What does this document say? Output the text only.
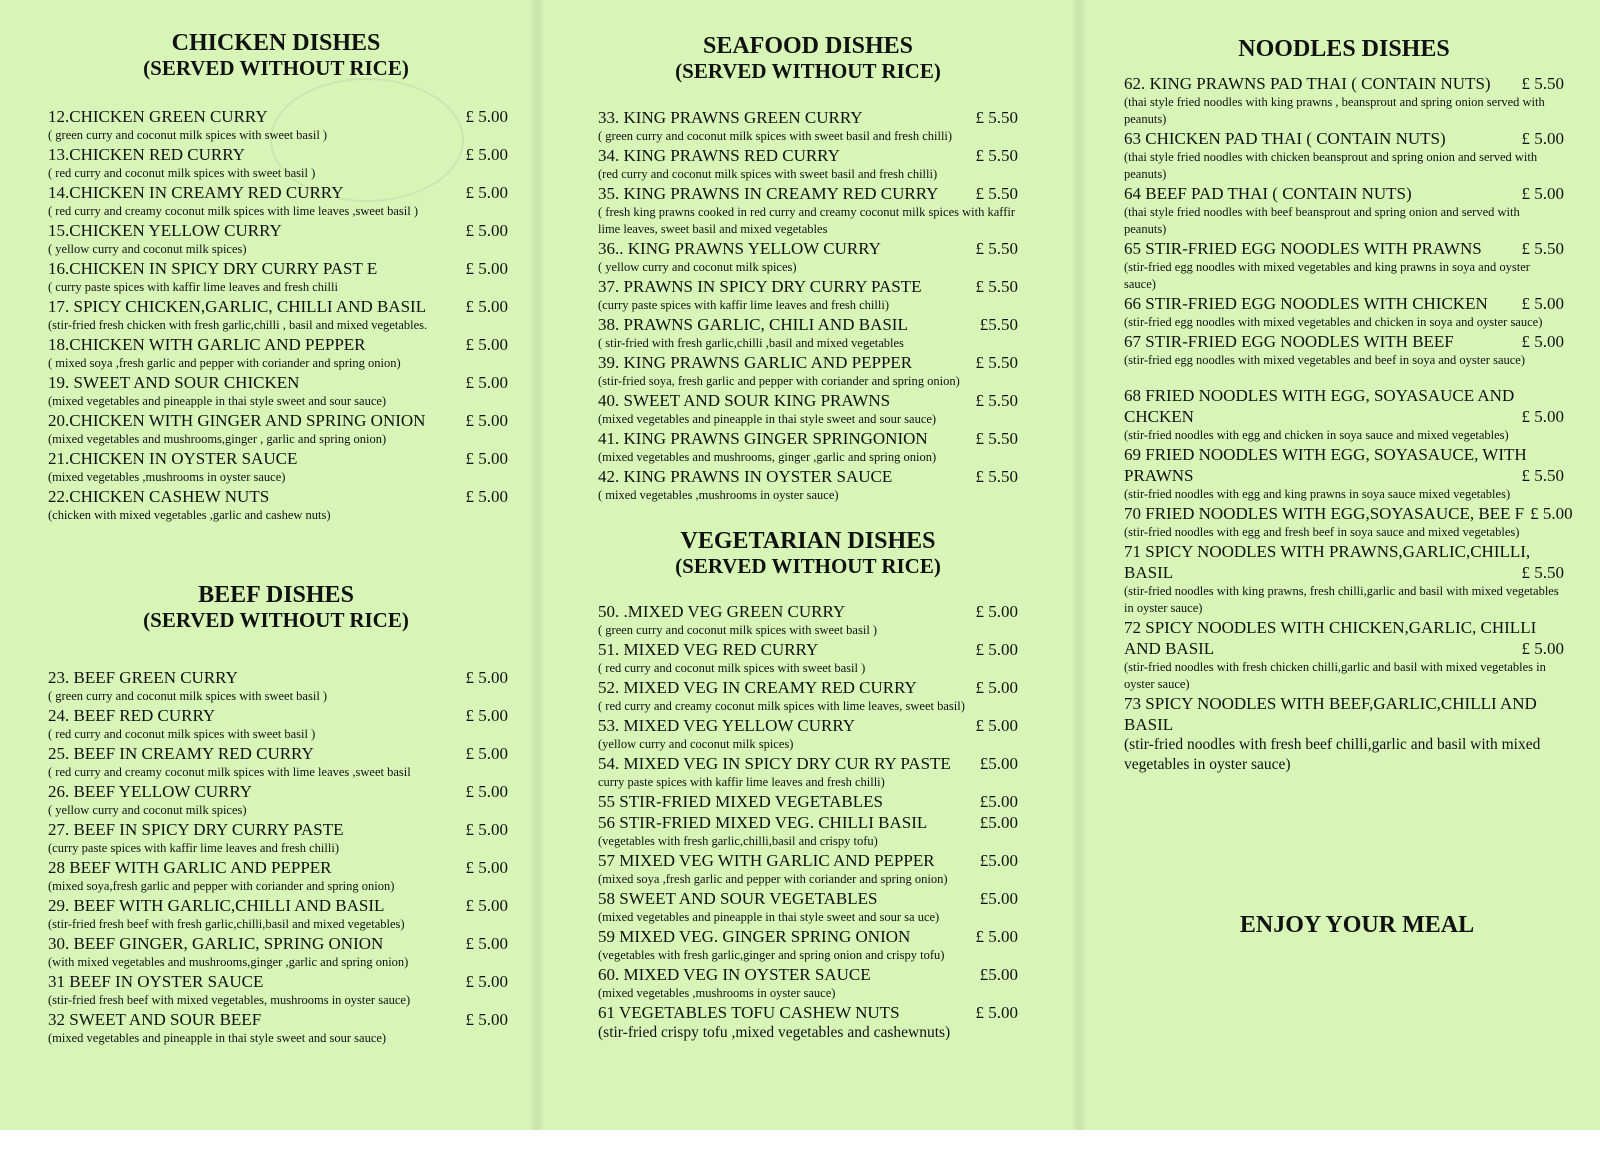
CHICKEN DISHES
(SERVED WITHOUT RICE)
12.CHICKEN GREEN CURRY	£ 5.00
( green curry and coconut milk spices with sweet basil )
13.CHICKEN RED CURRY	£ 5.00
( red curry and coconut milk spices with sweet basil )
14.CHICKEN IN CREAMY RED CURRY	£ 5.00
( red curry and creamy coconut milk spices with lime leaves ,sweet basil )
15.CHICKEN YELLOW CURRY	£ 5.00
( yellow curry and coconut milk spices)
16.CHICKEN IN SPICY DRY CURRY PAST E	£ 5.00
( curry paste spices with kaffir lime leaves and fresh chilli
17. SPICY CHICKEN,GARLIC, CHILLI AND BASIL	£ 5.00
(stir-fried fresh chicken with fresh garlic,chilli , basil and mixed vegetables.
18.CHICKEN WITH GARLIC AND PEPPER	£ 5.00
( mixed soya ,fresh garlic and pepper with coriander and spring onion)
19. SWEET AND SOUR CHICKEN	£ 5.00
(mixed vegetables and pineapple in thai style sweet and sour sauce)
20.CHICKEN WITH GINGER AND SPRING ONION	£ 5.00
(mixed vegetables and mushrooms,ginger , garlic and spring onion)
21.CHICKEN IN OYSTER SAUCE	£ 5.00
(mixed vegetables ,mushrooms in oyster sauce)
22.CHICKEN CASHEW NUTS	£ 5.00
(chicken with mixed vegetables ,garlic and cashew nuts)
BEEF DISHES
(SERVED WITHOUT RICE)
23. BEEF GREEN CURRY	£ 5.00
( green curry and coconut milk spices with sweet basil )
24. BEEF RED CURRY	£ 5.00
( red curry and coconut milk spices with sweet basil )
25. BEEF IN CREAMY RED CURRY	£ 5.00
( red curry and creamy coconut milk spices with lime leaves ,sweet basil
26. BEEF YELLOW CURRY	£ 5.00
( yellow curry and coconut milk spices)
27. BEEF IN SPICY DRY CURRY PASTE	£ 5.00
(curry paste spices with kaffir lime leaves and fresh chilli)
28 BEEF WITH GARLIC AND PEPPER	£ 5.00
(mixed soya,fresh garlic and pepper with coriander and spring onion)
29. BEEF WITH GARLIC,CHILLI AND BASIL	£ 5.00
(stir-fried fresh beef with fresh garlic,chilli,basil and mixed vegetables)
30. BEEF GINGER, GARLIC, SPRING ONION	£ 5.00
(with mixed vegetables and mushrooms,ginger ,garlic and spring onion)
31 BEEF IN OYSTER SAUCE	£ 5.00
(stir-fried fresh beef with mixed vegetables, mushrooms in oyster sauce)
32 SWEET AND SOUR BEEF	£ 5.00
(mixed vegetables and pineapple in thai style sweet and sour sauce)
SEAFOOD DISHES
(SERVED WITHOUT RICE)
33. KING PRAWNS GREEN CURRY	£ 5.50
( green curry and coconut milk spices with sweet basil and fresh chilli)
34. KING PRAWNS RED CURRY	£ 5.50
(red curry and coconut milk spices with sweet basil and fresh chilli)
35. KING PRAWNS IN CREAMY RED CURRY	£ 5.50
( fresh king prawns cooked in red curry and creamy coconut milk spices with kaffir lime leaves, sweet basil and mixed vegetables
36.. KING PRAWNS YELLOW CURRY	£ 5.50
( yellow curry and coconut milk spices)
37. PRAWNS IN SPICY DRY CURRY PASTE	£ 5.50
(curry paste spices with kaffir lime leaves and fresh chilli)
38. PRAWNS GARLIC, CHILI AND BASIL	£5.50
( stir-fried with fresh garlic,chilli ,basil and mixed vegetables
39. KING PRAWNS GARLIC AND PEPPER	£ 5.50
(stir-fried soya, fresh garlic and pepper with coriander and spring onion)
40. SWEET AND SOUR KING PRAWNS	£ 5.50
(mixed vegetables and pineapple in thai style sweet and sour sauce)
41. KING PRAWNS GINGER SPRINGONION	£ 5.50
(mixed vegetables and mushrooms, ginger ,garlic and spring onion)
42. KING PRAWNS IN OYSTER SAUCE	£ 5.50
( mixed vegetables ,mushrooms in oyster sauce)
VEGETARIAN DISHES
(SERVED WITHOUT RICE)
50. .MIXED VEG GREEN CURRY	£ 5.00
( green curry and coconut milk spices with sweet basil )
51. MIXED VEG RED CURRY	£ 5.00
( red curry and coconut milk spices with sweet basil )
52. MIXED VEG IN CREAMY RED CURRY	£ 5.00
( red curry and creamy coconut milk spices with lime leaves, sweet basil)
53. MIXED VEG YELLOW CURRY	£ 5.00
(yellow curry and coconut milk spices)
54. MIXED VEG IN SPICY DRY CUR RY PASTE	£5.00
curry paste spices with kaffir lime leaves and fresh chilli)
55 STIR-FRIED MIXED VEGETABLES	£5.00
56 STIR-FRIED MIXED VEG. CHILLI BASIL	£5.00
(vegetables with fresh garlic,chilli,basil and crispy tofu)
57 MIXED VEG WITH GARLIC AND PEPPER	£5.00
(mixed soya ,fresh garlic and pepper with coriander and spring onion)
58 SWEET AND SOUR VEGETABLES	£5.00
(mixed vegetables and pineapple in thai style sweet and sour sa uce)
59 MIXED VEG. GINGER SPRING ONION	£ 5.00
(vegetables with fresh garlic,ginger and spring onion and crispy tofu)
60. MIXED VEG IN OYSTER SAUCE	£5.00
(mixed vegetables ,mushrooms in oyster sauce)
61 VEGETABLES TOFU CASHEW NUTS	£ 5.00
(stir-fried crispy tofu ,mixed vegetables and cashewnuts)
NOODLES DISHES
62. KING PRAWNS PAD THAI ( CONTAIN NUTS)	£ 5.50
(thai style fried noodles with king prawns , beansprout and spring onion served with peanuts)
63 CHICKEN PAD THAI ( CONTAIN NUTS)	£ 5.00
(thai style fried noodles with chicken beansprout and spring onion and served with peanuts)
64 BEEF PAD THAI ( CONTAIN NUTS)	£ 5.00
(thai style fried noodles with beef beansprout and spring onion and served with peanuts)
65 STIR-FRIED EGG NOODLES WITH PRAWNS	£ 5.50
(stir-fried egg noodles with mixed vegetables and king prawns in soya and oyster sauce)
66 STIR-FRIED EGG NOODLES WITH CHICKEN	£ 5.00
(stir-fried egg noodles with mixed vegetables and chicken in soya and oyster sauce)
67 STIR-FRIED EGG NOODLES WITH BEEF	£ 5.00
(stir-fried egg noodles with mixed vegetables and beef in soya and oyster sauce)
68 FRIED NOODLES WITH EGG, SOYASAUCE AND
CHCKEN	£ 5.00
(stir-fried noodles with egg and chicken in soya sauce and mixed vegetables)
69 FRIED NOODLES WITH EGG, SOYASAUCE, WITH
PRAWNS	£ 5.50
(stir-fried noodles with egg and king prawns in soya sauce mixed vegetables)
70 FRIED NOODLES WITH EGG,SOYASAUCE, BEE F £ 5.00
(stir-fried noodles with egg and fresh beef in soya sauce and mixed vegetables)
71 SPICY NOODLES WITH PRAWNS,GARLIC,CHILLI,
BASIL	£ 5.50
(stir-fried noodles with king prawns, fresh chilli,garlic and basil with mixed vegetables in oyster sauce)
72 SPICY NOODLES WITH CHICKEN,GARLIC, CHILLI
AND BASIL	£ 5.00
(stir-fried noodles with fresh chicken chilli,garlic and basil with mixed vegetables in oyster sauce)
73 SPICY NOODLES WITH BEEF,GARLIC,CHILLI AND
BASIL
(stir-fried noodles with fresh beef chilli,garlic and basil with mixed vegetables in oyster sauce)
ENJOY YOUR MEAL
